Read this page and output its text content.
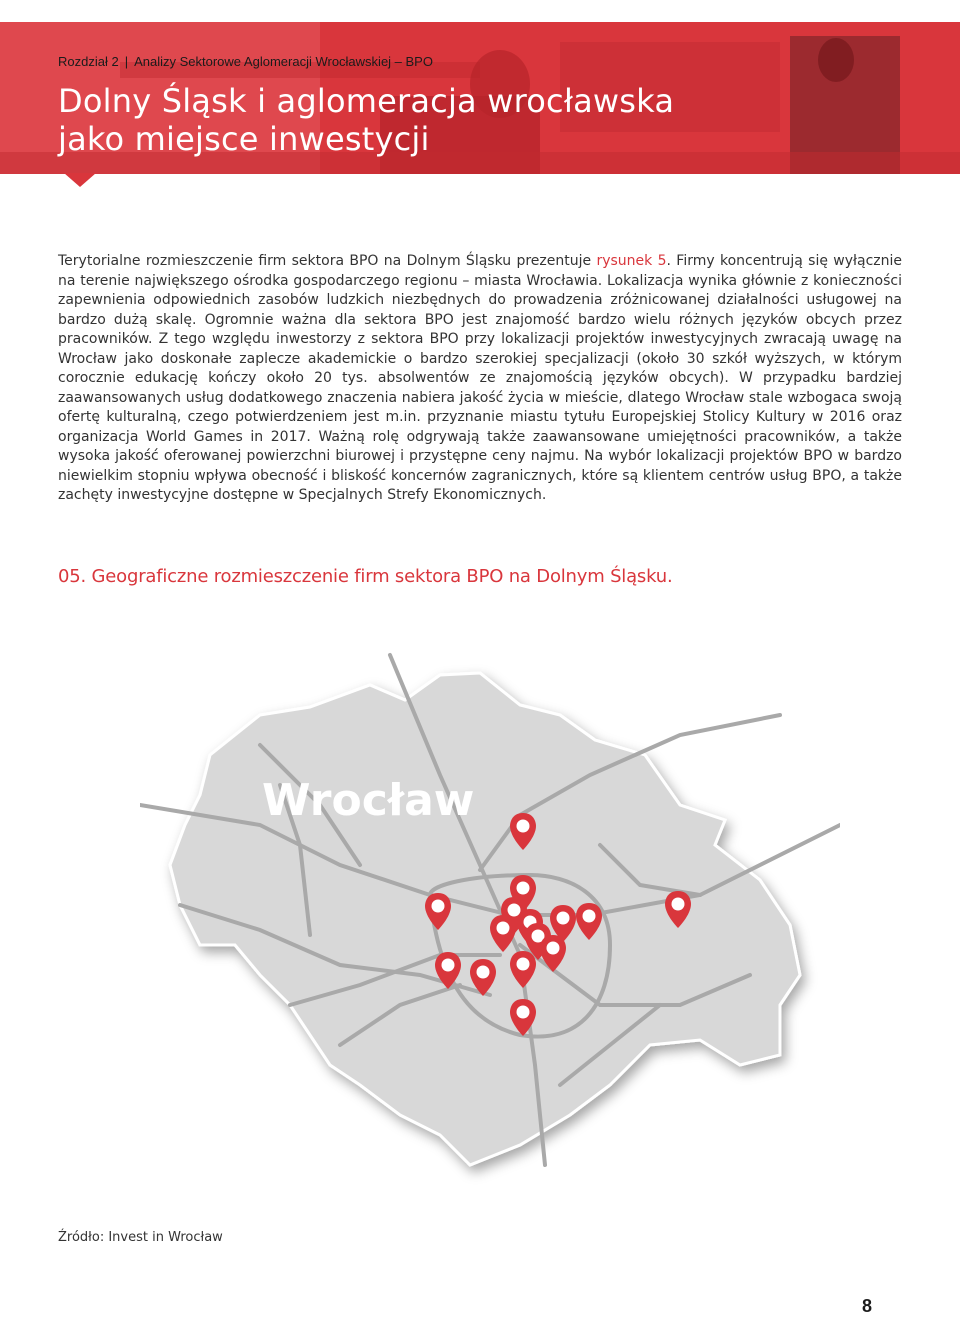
Rozdział 2 | Analizy Sektorowe Aglomeracji Wrocławskiej – BPO
Dolny Śląsk i aglomeracja wrocławska
jako miejsce inwestycji

Terytorialne rozmieszczenie firm sektora BPO na Dolnym Śląsku prezentuje rysunek 5. Firmy koncentrują się wyłącznie na terenie największego ośrodka gospodarczego regionu – miasta Wrocławia. Lokalizacja wynika głównie z konieczności zapewnienia odpowiednich zasobów ludzkich niezbędnych do prowadzenia zróżnicowanej działalności usługowej na bardzo dużą skalę. Ogromnie ważna dla sektora BPO jest znajomość bardzo wielu różnych języków obcych przez pracowników. Z tego względu inwestorzy z sektora BPO przy lokalizacji projektów inwestycyjnych zwracają uwagę na Wrocław jako doskonałe zaplecze akademickie o bardzo szerokiej specjalizacji (około 30 szkół wyższych, w którym corocznie edukację kończy około 20 tys. absolwentów ze znajomością języków obcych). W przypadku bardziej zaawansowanych usług dodatkowego znaczenia nabiera jakość życia w mieście, dlatego Wrocław stale wzbogaca swoją ofertę kulturalną, czego potwierdzeniem jest m.in. przyznanie miastu tytułu Europejskiej Stolicy Kultury w 2016 oraz organizacja World Games in 2017. Ważną rolę odgrywają także zaawansowane umiejętności pracowników, a także wysoka jakość oferowanej powierzchni biurowej i przystępne ceny najmu. Na wybór lokalizacji projektów BPO w bardzo niewielkim stopniu wpływa obecność i bliskość koncernów zagranicznych, które są klientem centrów usług BPO, a także zachęty inwestycyjne dostępne w Specjalnych Strefy Ekonomicznych.

05. Geograficzne rozmieszczenie firm sektora BPO na Dolnym Śląsku.
Wrocław
Źródło: Invest in Wrocław
8
